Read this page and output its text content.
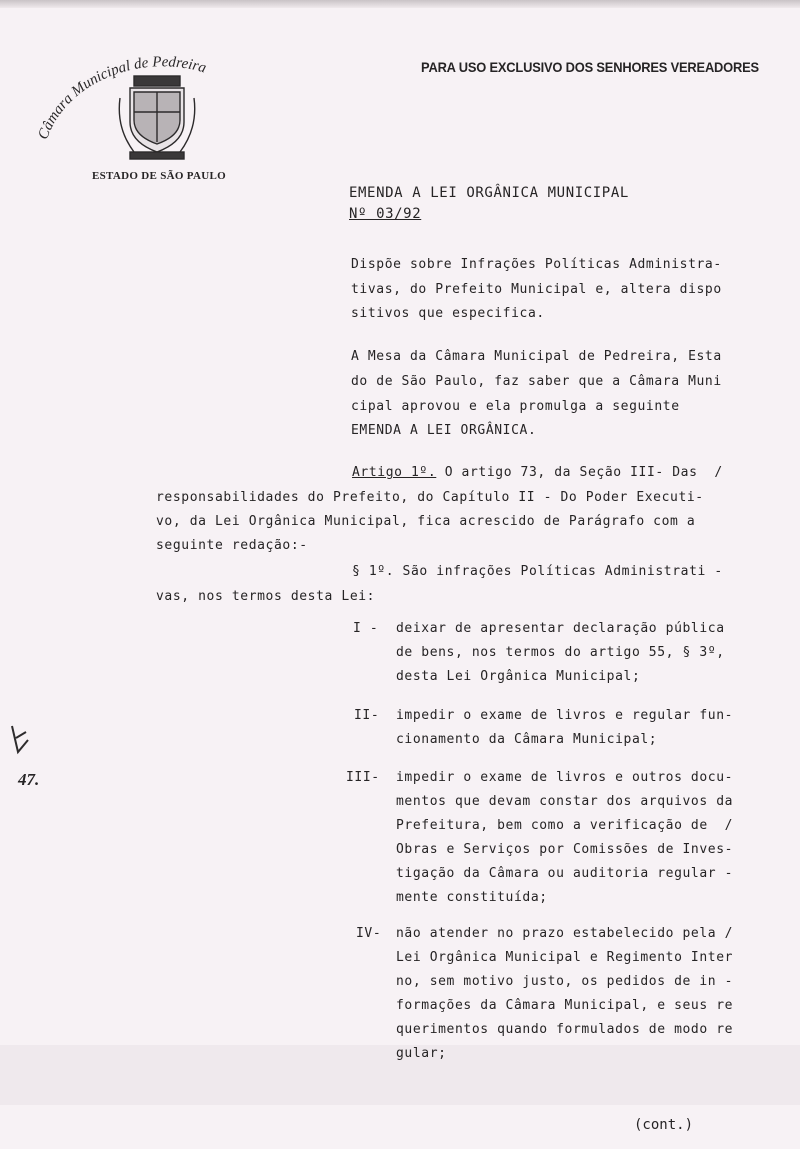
Câmara Municipal de Pedreira
ESTADO DE SÃO PAULO
PARA USO EXCLUSIVO DOS SENHORES VEREADORES
EMENDA A LEI ORGÂNICA MUNICIPAL
Nº 03/92
Dispõe sobre Infrações Políticas Administra-
tivas, do Prefeito Municipal e, altera dispo
sitivos que especifica.
A Mesa da Câmara Municipal de Pedreira, Esta
do de São Paulo, faz saber que a Câmara Muni
cipal aprovou e ela promulga a seguinte
EMENDA A LEI ORGÂNICA.
Artigo 1º. O artigo 73, da Seção III- Das  /
responsabilidades do Prefeito, do Capítulo II - Do Poder Executi-
vo, da Lei Orgânica Municipal, fica acrescido de Parágrafo com a
seguinte redação:-
§ 1º. São infrações Políticas Administrati -
vas, nos termos desta Lei:
I - deixar de apresentar declaração pública
de bens, nos termos do artigo 55, § 3º,
desta Lei Orgânica Municipal;
II- impedir o exame de livros e regular fun-
cionamento da Câmara Municipal;
III- impedir o exame de livros e outros docu-
mentos que devam constar dos arquivos da
Prefeitura, bem como a verificação de  /
Obras e Serviços por Comissões de Inves-
tigação da Câmara ou auditoria regular -
mente constituída;
IV- não atender no prazo estabelecido pela /
Lei Orgânica Municipal e Regimento Inter
no, sem motivo justo, os pedidos de in -
formações da Câmara Municipal, e seus re
querimentos quando formulados de modo re
gular;
47.
(cont.)
